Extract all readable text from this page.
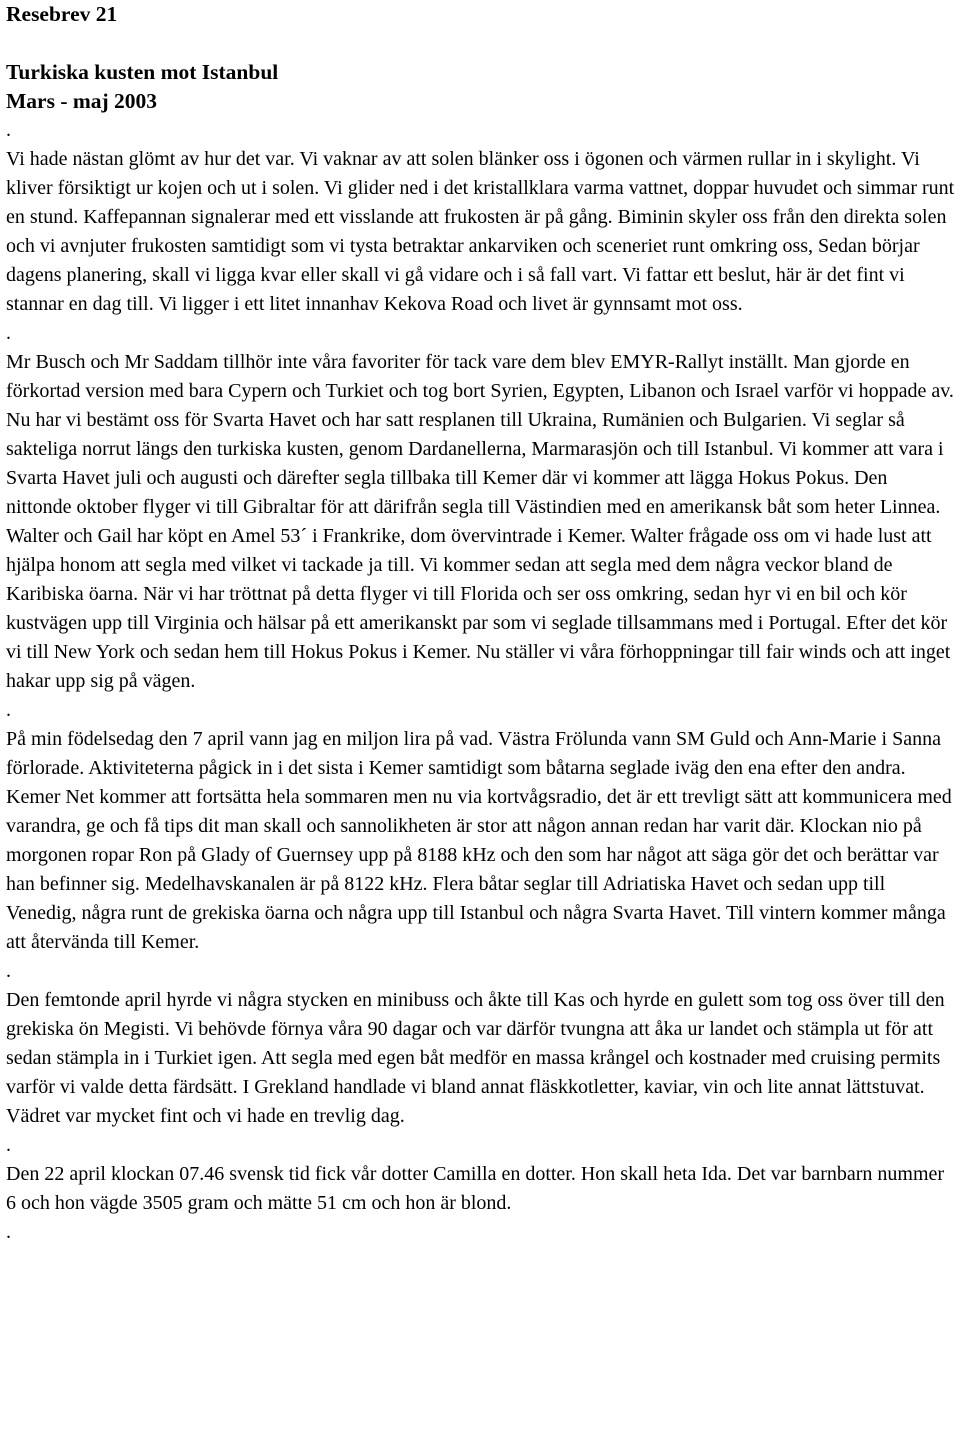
Resebrev 21

Turkiska kusten mot Istanbul

Mars - maj 2003

.

Vi hade nästan glömt av hur det var. Vi vaknar av att solen blänker oss i ögonen och värmen rullar in i skylight. Vi kliver försiktigt ur kojen och ut i solen. Vi glider ned i det kristallklara varma vattnet, doppar huvudet och simmar runt en stund. Kaffepannan signalerar med ett visslande att frukosten är på gång. Biminin skyler oss från den direkta solen och vi avnjuter frukosten samtidigt som vi tysta betraktar ankarviken och sceneriet runt omkring oss, Sedan börjar dagens planering, skall vi ligga kvar eller skall vi gå vidare och i så fall vart. Vi fattar ett beslut, här är det fint vi stannar en dag till. Vi ligger i ett litet innanhav Kekova Road och livet är gynnsamt mot oss.

.

Mr Busch och Mr Saddam tillhör inte våra favoriter för tack vare dem blev EMYR-Rallyt inställt. Man gjorde en förkortad version med bara Cypern och Turkiet och tog bort Syrien, Egypten, Libanon och Israel varför vi hoppade av. Nu har vi bestämt oss för Svarta Havet och har satt resplanen till Ukraina, Rumänien och Bulgarien. Vi seglar så sakteliga norrut längs den turkiska kusten, genom Dardanellerna, Marmarasjön och till Istanbul. Vi kommer att vara i Svarta Havet juli och augusti och därefter segla tillbaka till Kemer där vi kommer att lägga Hokus Pokus. Den nittonde oktober flyger vi till Gibraltar för att därifrån segla till Västindien med en amerikansk båt som heter Linnea. Walter och Gail har köpt en Amel 53´ i Frankrike, dom övervintrade i Kemer. Walter frågade oss om vi hade lust att hjälpa honom att segla med vilket vi tackade ja till. Vi kommer sedan att segla med dem några veckor bland de Karibiska öarna. När vi har tröttnat på detta flyger vi till Florida och ser oss omkring, sedan hyr vi en bil och kör kustvägen upp till Virginia och hälsar på ett amerikanskt par som vi seglade tillsammans med i Portugal. Efter det kör vi till New York och sedan hem till Hokus Pokus i Kemer. Nu ställer vi våra förhoppningar till fair winds och att inget hakar upp sig på vägen.

.

På min födelsedag den 7 april vann jag en miljon lira på vad. Västra Frölunda vann SM Guld och Ann-Marie i Sanna förlorade. Aktiviteterna pågick in i det sista i Kemer samtidigt som båtarna seglade iväg den ena efter den andra. Kemer Net kommer att fortsätta hela sommaren men nu via kortvågsradio, det är ett trevligt sätt att kommunicera med varandra, ge och få tips dit man skall och sannolikheten är stor att någon annan redan har varit där. Klockan nio på morgonen ropar Ron på Glady of Guernsey upp på 8188 kHz och den som har något att säga gör det och berättar var han befinner sig. Medelhavskanalen är på 8122 kHz. Flera båtar seglar till Adriatiska Havet och sedan upp till Venedig, några runt de grekiska öarna och några upp till Istanbul och några Svarta Havet. Till vintern kommer många att återvända till Kemer.

.

Den femtonde april hyrde vi några stycken en minibuss och åkte till Kas och hyrde en gulett som tog oss över till den grekiska ön Megisti. Vi behövde förnya våra 90 dagar och var därför tvungna att åka ur landet och stämpla ut för att sedan stämpla in i Turkiet igen. Att segla med egen båt medför en massa krångel och kostnader med cruising permits varför vi valde detta färdsätt. I Grekland handlade vi bland annat fläskkotletter, kaviar, vin och lite annat lättstuvat. Vädret var mycket fint och vi hade en trevlig dag.

.

Den 22 april klockan 07.46 svensk tid fick vår dotter Camilla en dotter. Hon skall heta Ida. Det var barnbarn nummer 6 och hon vägde 3505 gram och mätte 51 cm och hon är blond.

.
